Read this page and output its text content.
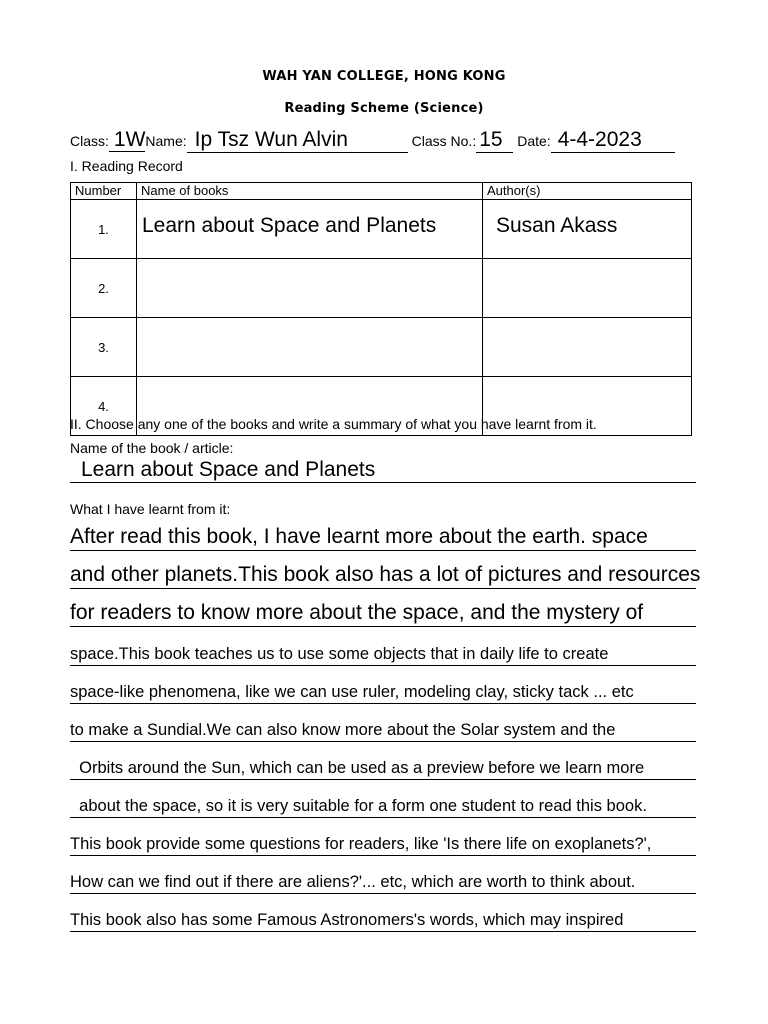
WAH YAN COLLEGE, HONG KONG
Reading Scheme (Science)
Class: 1WName: Ip Tsz Wun Alvin	Class No.: 15 Date: 4-4-2023
I. Reading Record
Number	Name of books	Author(s)
1.	Learn about Space and Planets	Susan Akass
2.		
3.		
4.		
II. Choose any one of the books and write a summary of what you have learnt from it.
Name of the book / article:
Learn about Space and Planets
What I have learnt from it:
After read this book, I have learnt more about the earth. space
and other planets.This book also has a lot of pictures and resources
for readers to know more about the space, and the mystery of
space.This book teaches us to use some objects that in daily life to create
space-like phenomena, like we can use ruler, modeling clay, sticky tack ... etc
to make a Sundial.We can also know more about the Solar system and the
Orbits around the Sun, which can be used as a preview before we learn more
about the space, so it is very suitable for a form one student to read this book.
This book provide some questions for readers, like 'Is there life on exoplanets?',
How can we find out if there are aliens?'... etc, which are worth to think about.
This book also has some Famous Astronomers's words, which may inspired
